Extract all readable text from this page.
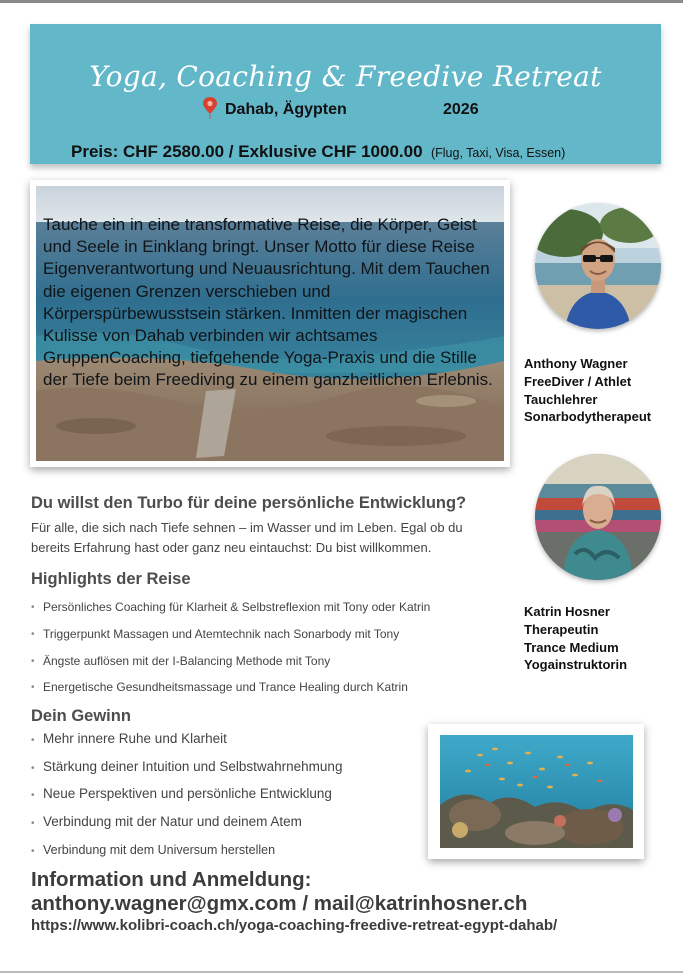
Yoga, Coaching & Freedive Retreat
Dahab, Ägypten	2026
Preis: CHF 2580.00 / Exklusive CHF 1000.00 (Flug, Taxi, Visa, Essen)
Tauche ein in eine transformative Reise, die Körper, Geist und Seele in Einklang bringt. Unser Motto für diese Reise Eigenverantwortung und Neuausrichtung. Mit dem Tauchen die eigenen Grenzen verschieben und Körperspürbewusstsein stärken. Inmitten der magischen Kulisse von Dahab verbinden wir achtsames GruppenCoaching, tiefgehende Yoga-Praxis und die Stille der Tiefe beim Freediving zu einem ganzheitlichen Erlebnis.
Anthony Wagner
FreeDiver / Athlet
Tauchlehrer
Sonarbodytherapeut
Katrin Hosner
Therapeutin
Trance Medium
Yogainstruktorin
Du willst den Turbo für deine persönliche Entwicklung?
Für alle, die sich nach Tiefe sehnen – im Wasser und im Leben. Egal ob du bereits Erfahrung hast oder ganz neu eintauchst: Du bist willkommen.
Highlights der Reise
• Persönliches Coaching für Klarheit & Selbstreflexion mit Tony oder Katrin
• Triggerpunkt Massagen und Atemtechnik nach Sonarbody mit Tony
• Ängste auflösen mit der I-Balancing Methode mit Tony
• Energetische Gesundheitsmassage und Trance Healing durch Katrin
Dein Gewinn
• Mehr innere Ruhe und Klarheit
• Stärkung deiner Intuition und Selbstwahrnehmung
• Neue Perspektiven und persönliche Entwicklung
• Verbindung mit der Natur und deinem Atem
• Verbindung mit dem Universum herstellen
Information und Anmeldung:
anthony.wagner@gmx.com / mail@katrinhosner.ch
https://www.kolibri-coach.ch/yoga-coaching-freedive-retreat-egypt-dahab/
